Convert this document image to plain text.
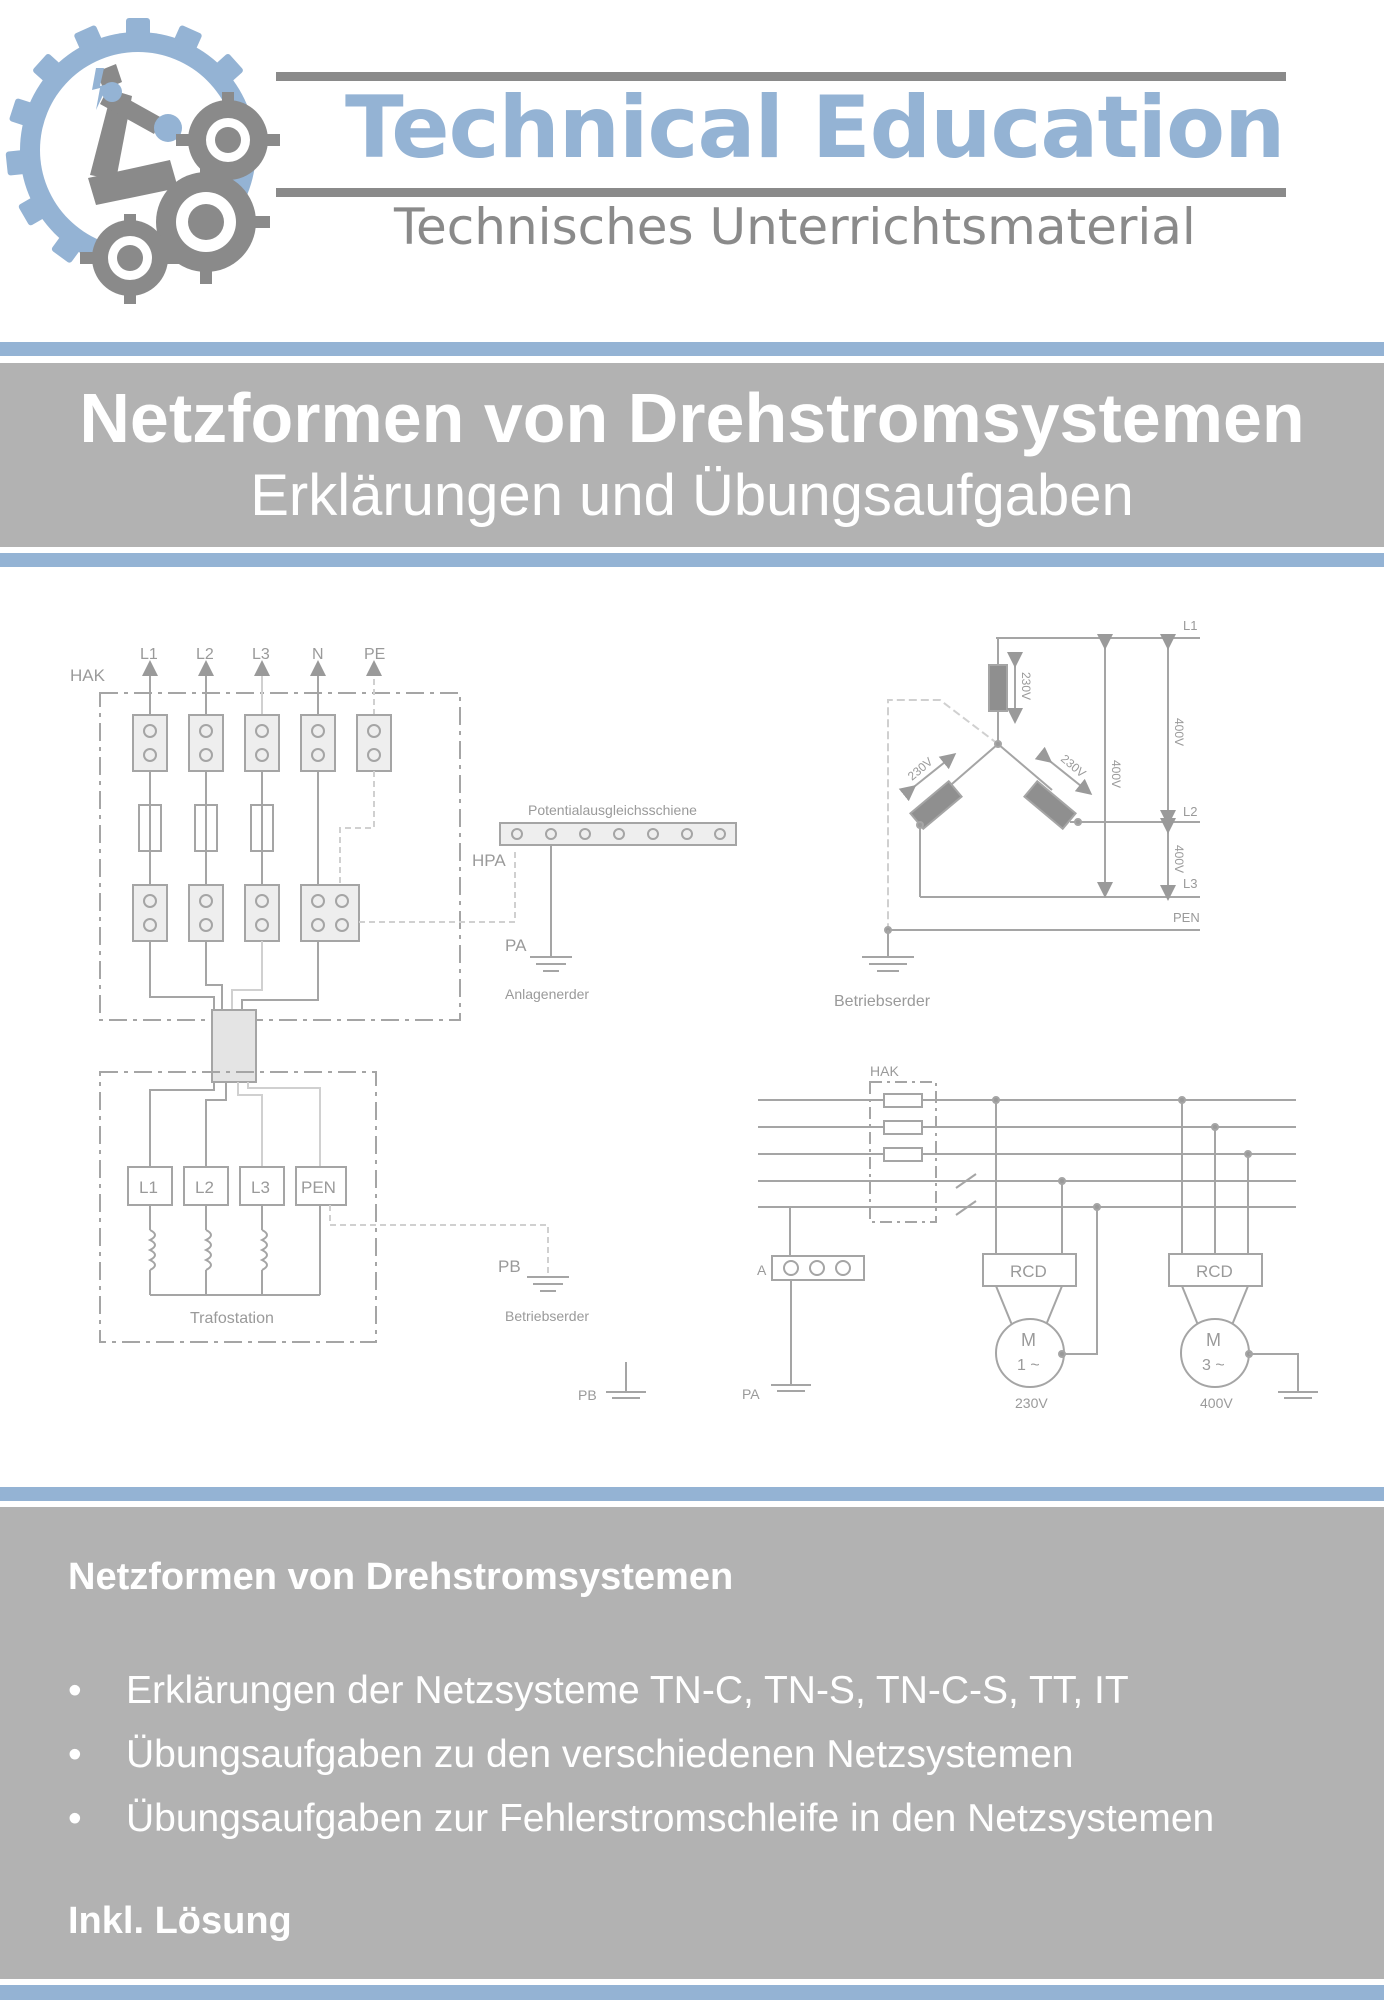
Technical Education
Technisches Unterrichtsmaterial
Netzformen von Drehstromsystemen
Erklärungen und Übungsaufgaben
HAK
L1 L2 L3	N	PE
Potentialausgleichsschiene
HPA
PA
Anlagenerder
L1 L2 L3 PEN
Trafostation
PB
Betriebserder
PB
L1
L2
L3
PEN
230V
230V	230V 400V
400V
400V
Betriebserder
HAK
A
PA
RCD
M
1 ~
230V
RCD
M
3 ~
400V
Netzformen von Drehstromsystemen
• Erklärungen der Netzsysteme TN-C, TN-S, TN-C-S, TT, IT
• Übungsaufgaben zu den verschiedenen Netzsystemen
• Übungsaufgaben zur Fehlerstromschleife in den Netzsystemen
Inkl. Lösung
